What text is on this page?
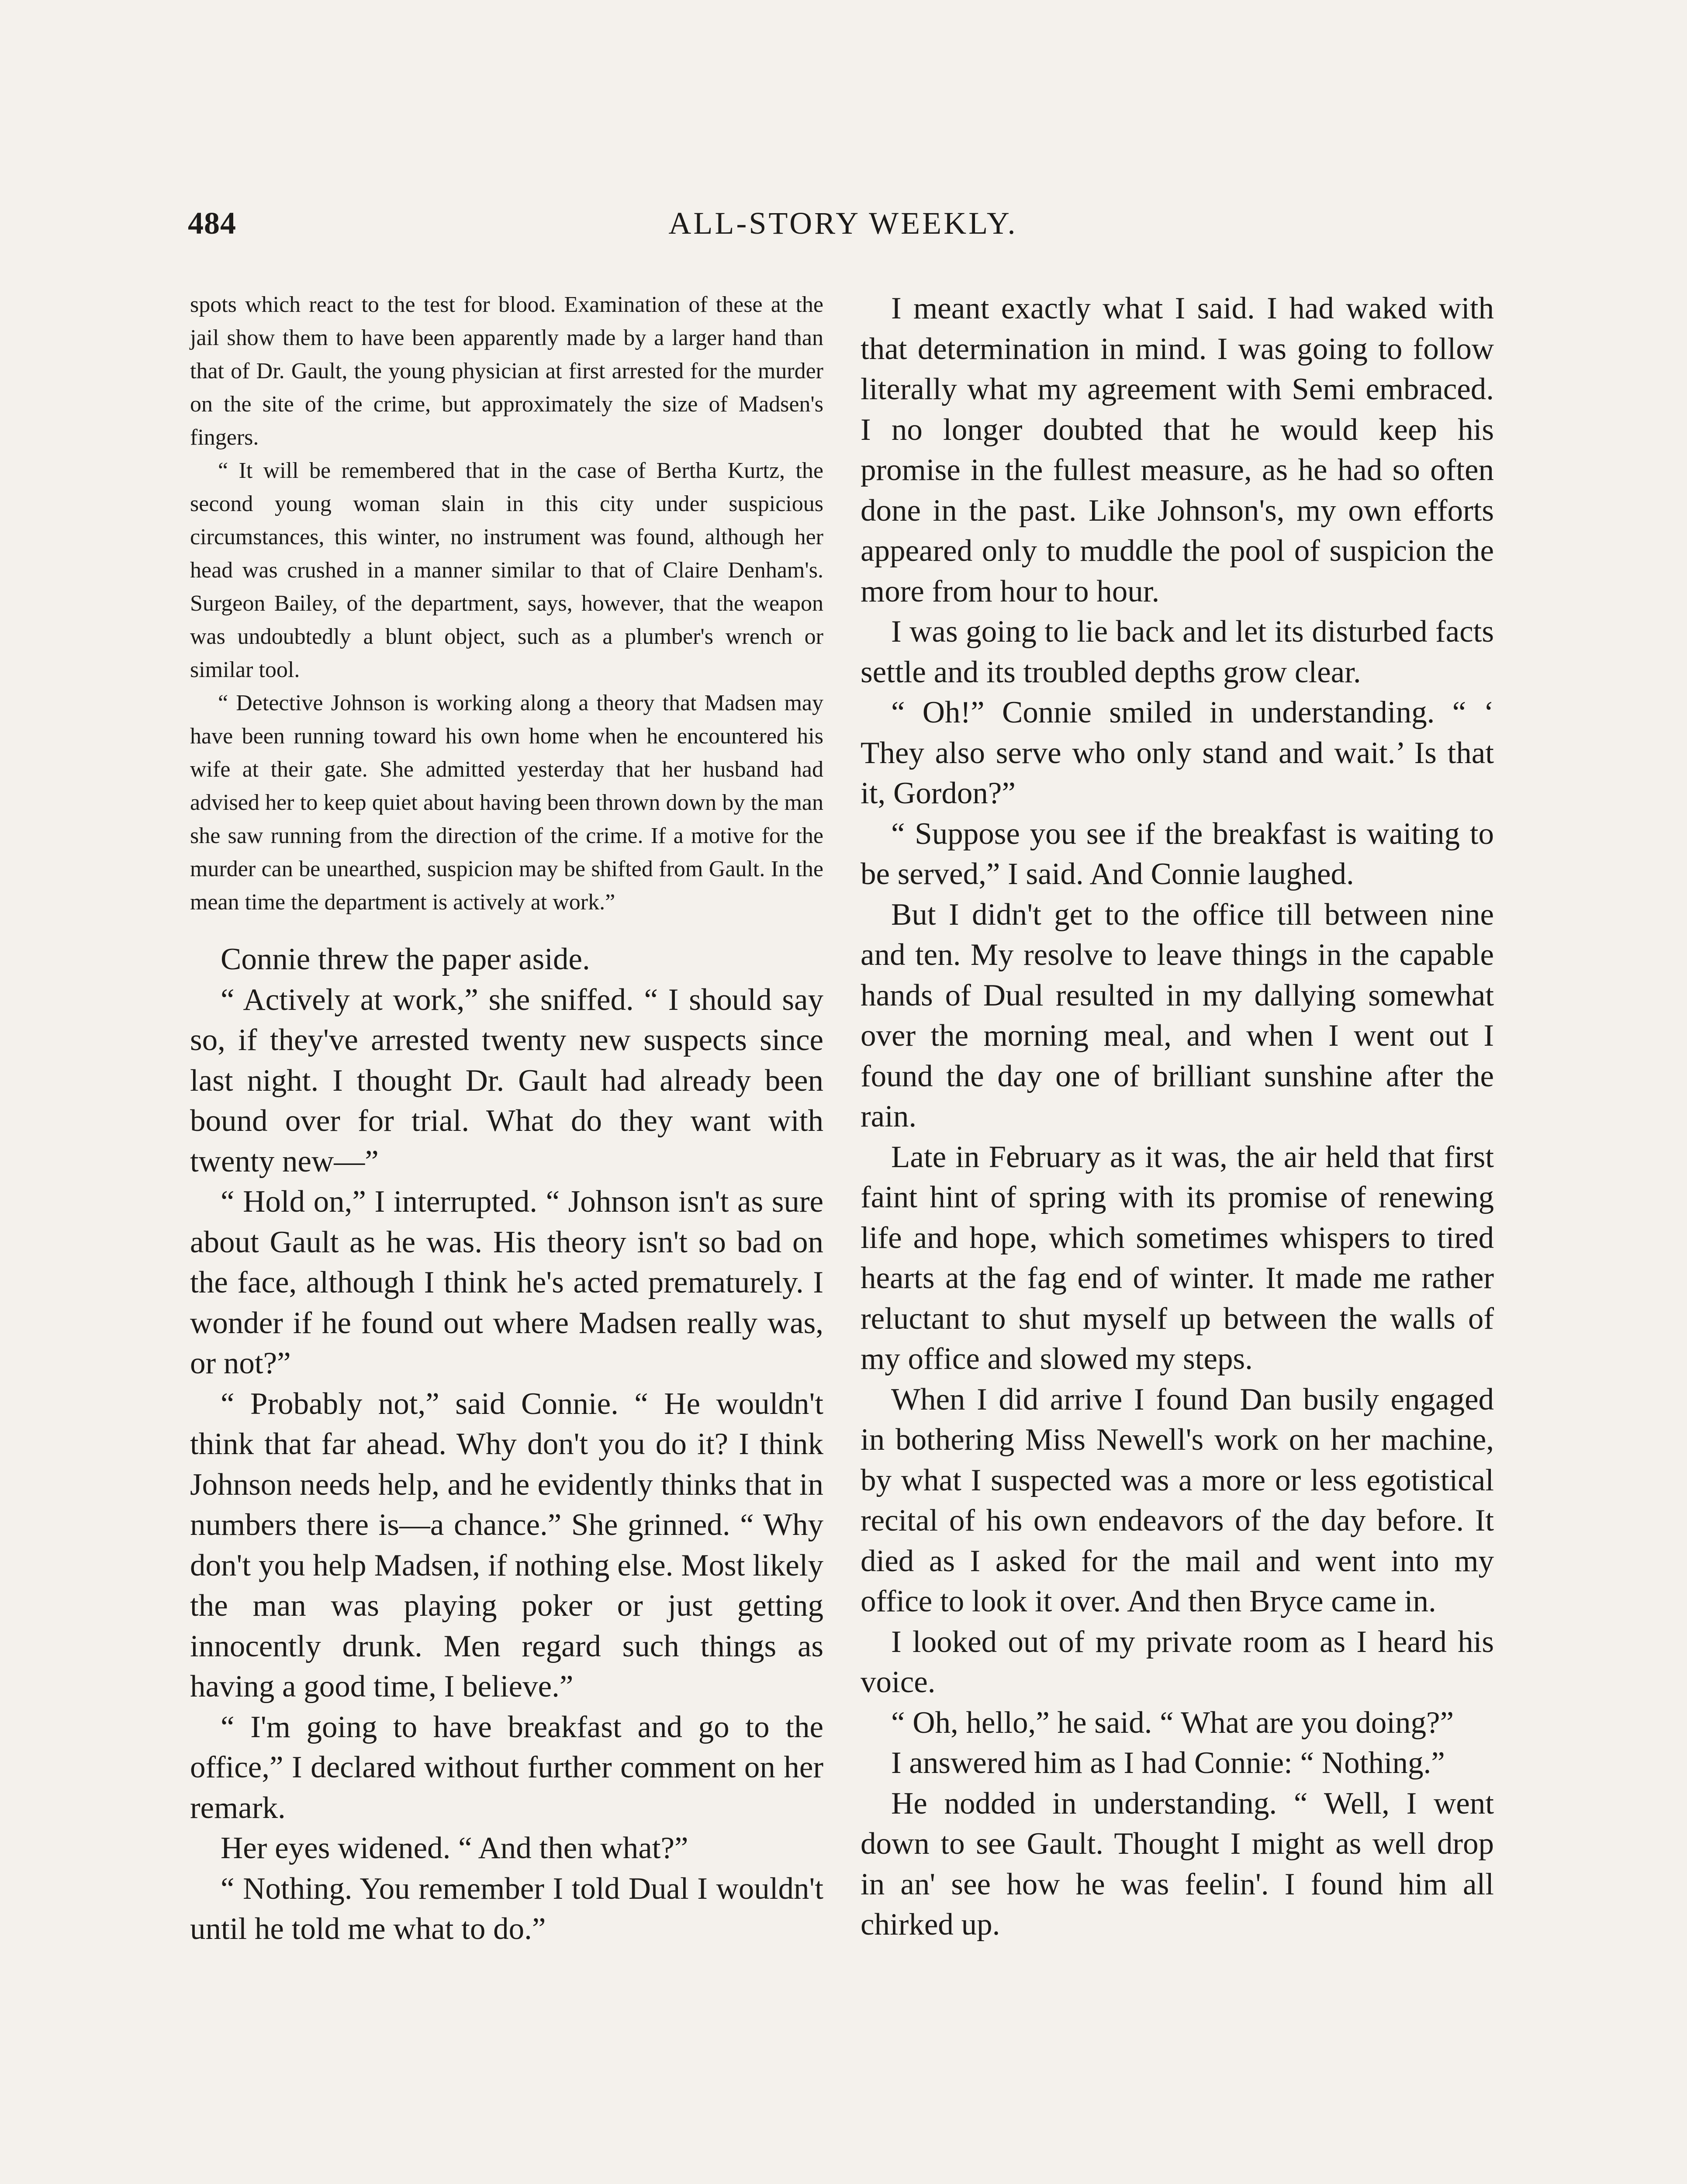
484	ALL-STORY WEEKLY.

spots which react to the test for blood. Examination of these at the jail show them to have been apparently made by a larger hand than that of Dr. Gault, the young physician at first arrested for the murder on the site of the crime, but approximately the size of Madsen's fingers.

“ It will be remembered that in the case of Bertha Kurtz, the second young woman slain in this city under suspicious circumstances, this winter, no instrument was found, although her head was crushed in a manner similar to that of Claire Denham's. Surgeon Bailey, of the department, says, however, that the weapon was undoubtedly a blunt object, such as a plumber's wrench or similar tool.

“ Detective Johnson is working along a theory that Madsen may have been running toward his own home when he encountered his wife at their gate. She admitted yesterday that her husband had advised her to keep quiet about having been thrown down by the man she saw running from the direction of the crime. If a motive for the murder can be unearthed, suspicion may be shifted from Gault. In the mean time the department is actively at work.”

Connie threw the paper aside.

“ Actively at work,” she sniffed. “ I should say so, if they've arrested twenty new suspects since last night. I thought Dr. Gault had already been bound over for trial. What do they want with twenty new—”

“ Hold on,” I interrupted. “ Johnson isn't as sure about Gault as he was. His theory isn't so bad on the face, although I think he's acted prematurely. I wonder if he found out where Madsen really was, or not?”

“ Probably not,” said Connie. “ He wouldn't think that far ahead. Why don't you do it? I think Johnson needs help, and he evidently thinks that in numbers there is—a chance.” She grinned. “ Why don't you help Madsen, if nothing else. Most likely the man was playing poker or just getting innocently drunk. Men regard such things as having a good time, I believe.”

“ I'm going to have breakfast and go to the office,” I declared without further comment on her remark.

Her eyes widened. “ And then what?”

“ Nothing. You remember I told Dual I wouldn't until he told me what to do.”

I meant exactly what I said. I had waked with that determination in mind. I was going to follow literally what my agreement with Semi embraced. I no longer doubted that he would keep his promise in the fullest measure, as he had so often done in the past. Like Johnson's, my own efforts appeared only to muddle the pool of suspicion the more from hour to hour.

I was going to lie back and let its disturbed facts settle and its troubled depths grow clear.

“ Oh!” Connie smiled in understanding. “ ‘ They also serve who only stand and wait.’ Is that it, Gordon?”

“ Suppose you see if the breakfast is waiting to be served,” I said. And Connie laughed.

But I didn't get to the office till between nine and ten. My resolve to leave things in the capable hands of Dual resulted in my dallying somewhat over the morning meal, and when I went out I found the day one of brilliant sunshine after the rain.

Late in February as it was, the air held that first faint hint of spring with its promise of renewing life and hope, which sometimes whispers to tired hearts at the fag end of winter. It made me rather reluctant to shut myself up between the walls of my office and slowed my steps.

When I did arrive I found Dan busily engaged in bothering Miss Newell's work on her machine, by what I suspected was a more or less egotistical recital of his own endeavors of the day before. It died as I asked for the mail and went into my office to look it over. And then Bryce came in.

I looked out of my private room as I heard his voice.

“ Oh, hello,” he said. “ What are you doing?”

I answered him as I had Connie: “ Nothing.”

He nodded in understanding. “ Well, I went down to see Gault. Thought I might as well drop in an' see how he was feelin'. I found him all chirked up.
